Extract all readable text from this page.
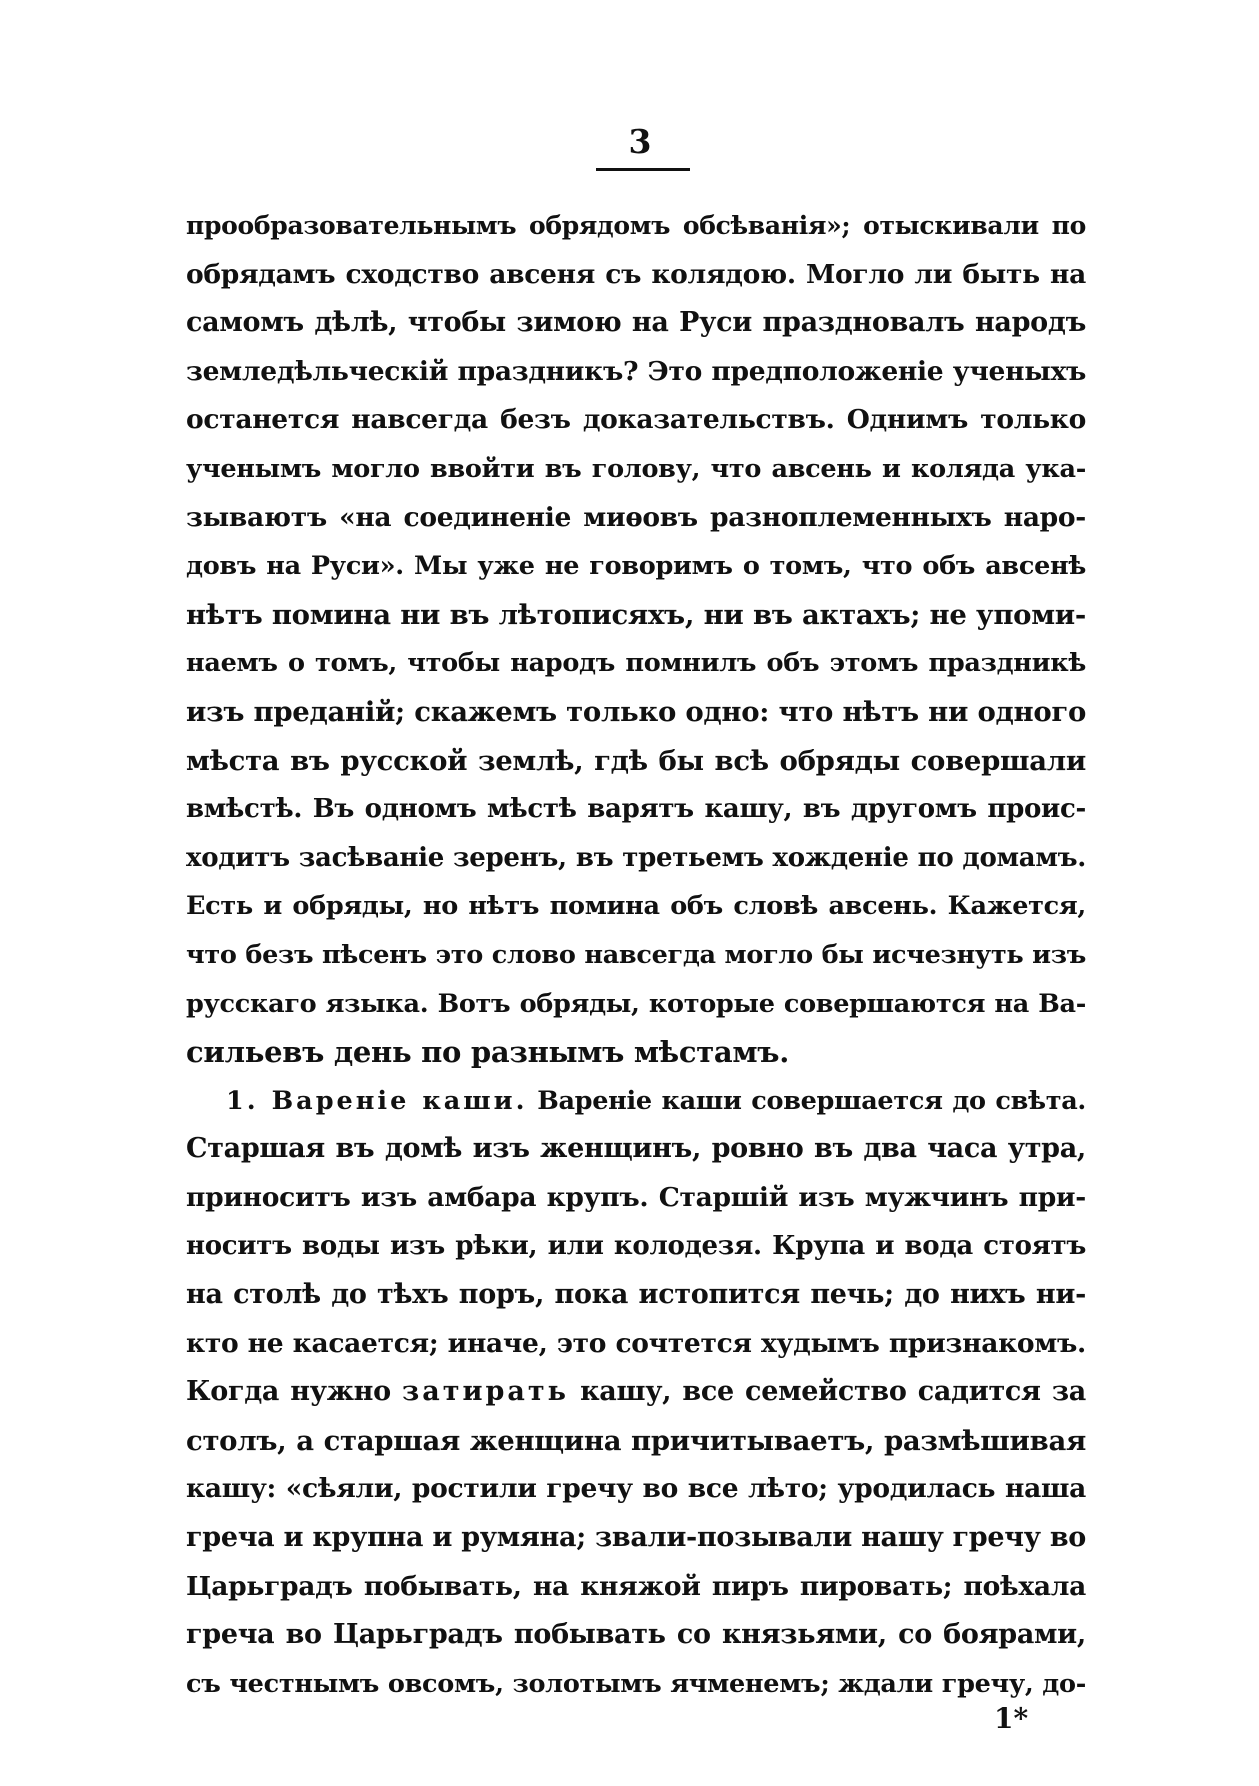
3
прообразовательнымъ обрядомъ обсѣванія»; отыскивали по
обрядамъ сходство авсеня съ колядою. Могло ли быть на
самомъ дѣлѣ, чтобы зимою на Руси праздновалъ народъ
земледѣльческій праздникъ? Это предположеніе ученыхъ
останется навсегда безъ доказательствъ. Однимъ только
ученымъ могло ввойти въ голову, что авсень и коляда ука-
зываютъ «на соединеніе миѳовъ разноплеменныхъ наро-
довъ на Руси». Мы уже не говоримъ о томъ, что объ авсенѣ
нѣтъ помина ни въ лѣтописяхъ, ни въ актахъ; не упоми-
наемъ о томъ, чтобы народъ помнилъ объ этомъ праздникѣ
изъ преданій; скажемъ только одно: что нѣтъ ни одного
мѣста въ русской землѣ, гдѣ бы всѣ обряды совершали
вмѣстѣ. Въ одномъ мѣстѣ варятъ кашу, въ другомъ проис-
ходитъ засѣваніе зеренъ, въ третьемъ хожденіе по домамъ.
Есть и обряды, но нѣтъ помина объ словѣ авсень. Кажется,
что безъ пѣсенъ это слово навсегда могло бы исчезнуть изъ
русскаго языка. Вотъ обряды, которые совершаются на Ва-
сильевъ день по разнымъ мѣстамъ.
1. Вареніе каши. Вареніе каши совершается до свѣта.
Старшая въ домѣ изъ женщинъ, ровно въ два часа утра,
приноситъ изъ амбара крупъ. Старшій изъ мужчинъ при-
носитъ воды изъ рѣки, или колодезя. Крупа и вода стоятъ
на столѣ до тѣхъ поръ, пока истопится печь; до нихъ ни-
кто не касается; иначе, это сочтется худымъ признакомъ.
Когда нужно затирать кашу, все семейство садится за
столъ, а старшая женщина причитываетъ, размѣшивая
кашу: «сѣяли, ростили гречу во все лѣто; уродилась наша
греча и крупна и румяна; звали-позывали нашу гречу во
Царьградъ побывать, на княжой пиръ пировать; поѣхала
греча во Царьградъ побывать со князьями, со боярами,
съ честнымъ овсомъ, золотымъ ячменемъ; ждали гречу, до-
1*
